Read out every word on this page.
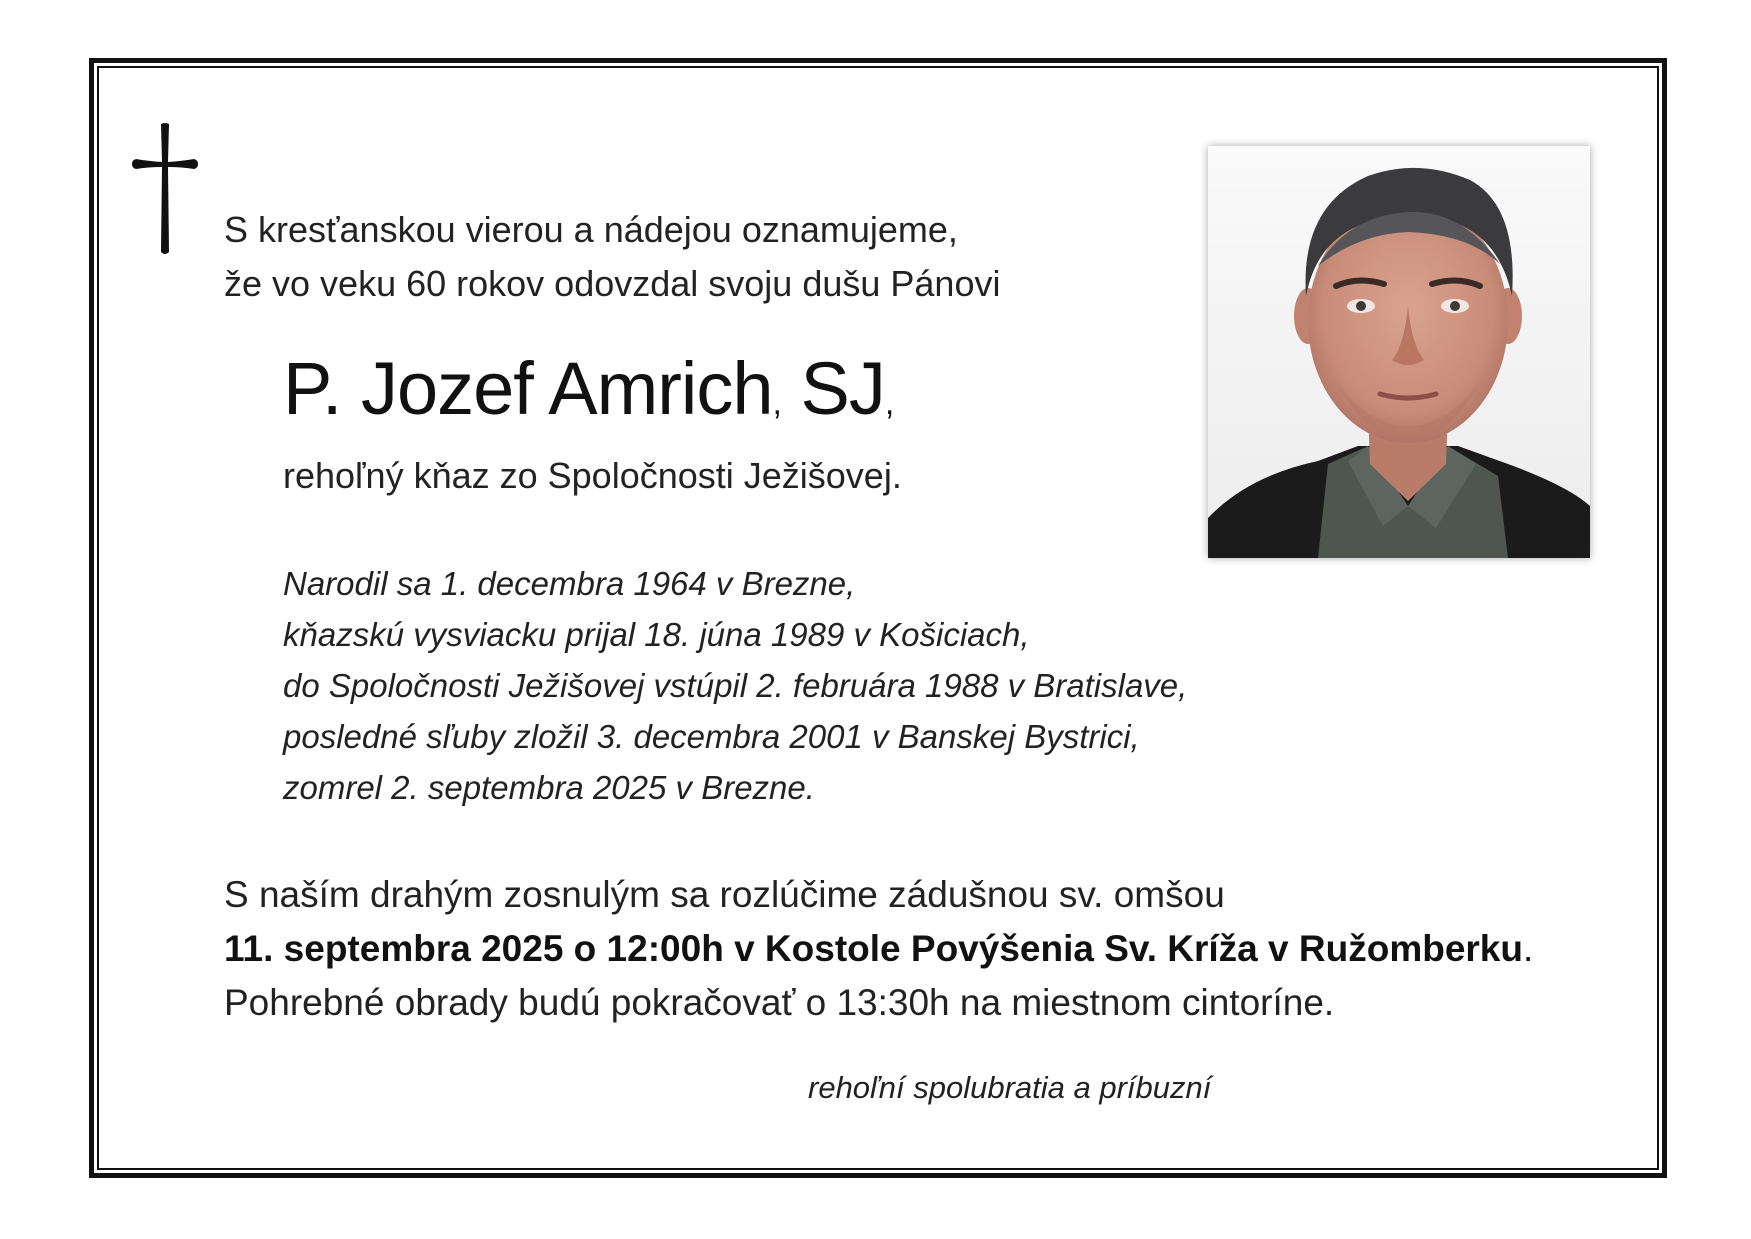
S kresťanskou vierou a nádejou oznamujeme,
že vo veku 60 rokov odovzdal svoju dušu Pánovi
P. Jozef Amrich, SJ,
rehoľný kňaz zo Spoločnosti Ježišovej.
Narodil sa 1. decembra 1964 v Brezne,
kňazskú vysviacku prijal 18. júna 1989 v Košiciach,
do Spoločnosti Ježišovej vstúpil 2. februára 1988 v Bratislave,
posledné sľuby zložil 3. decembra 2001 v Banskej Bystrici,
zomrel 2. septembra 2025 v Brezne.
S naším drahým zosnulým sa rozlúčime zádušnou sv. omšou
11. septembra 2025 o 12:00h v Kostole Povýšenia Sv. Kríža v Ružomberku.
Pohrebné obrady budú pokračovať o 13:30h na miestnom cintoríne.
rehoľní spolubratia a príbuzní
